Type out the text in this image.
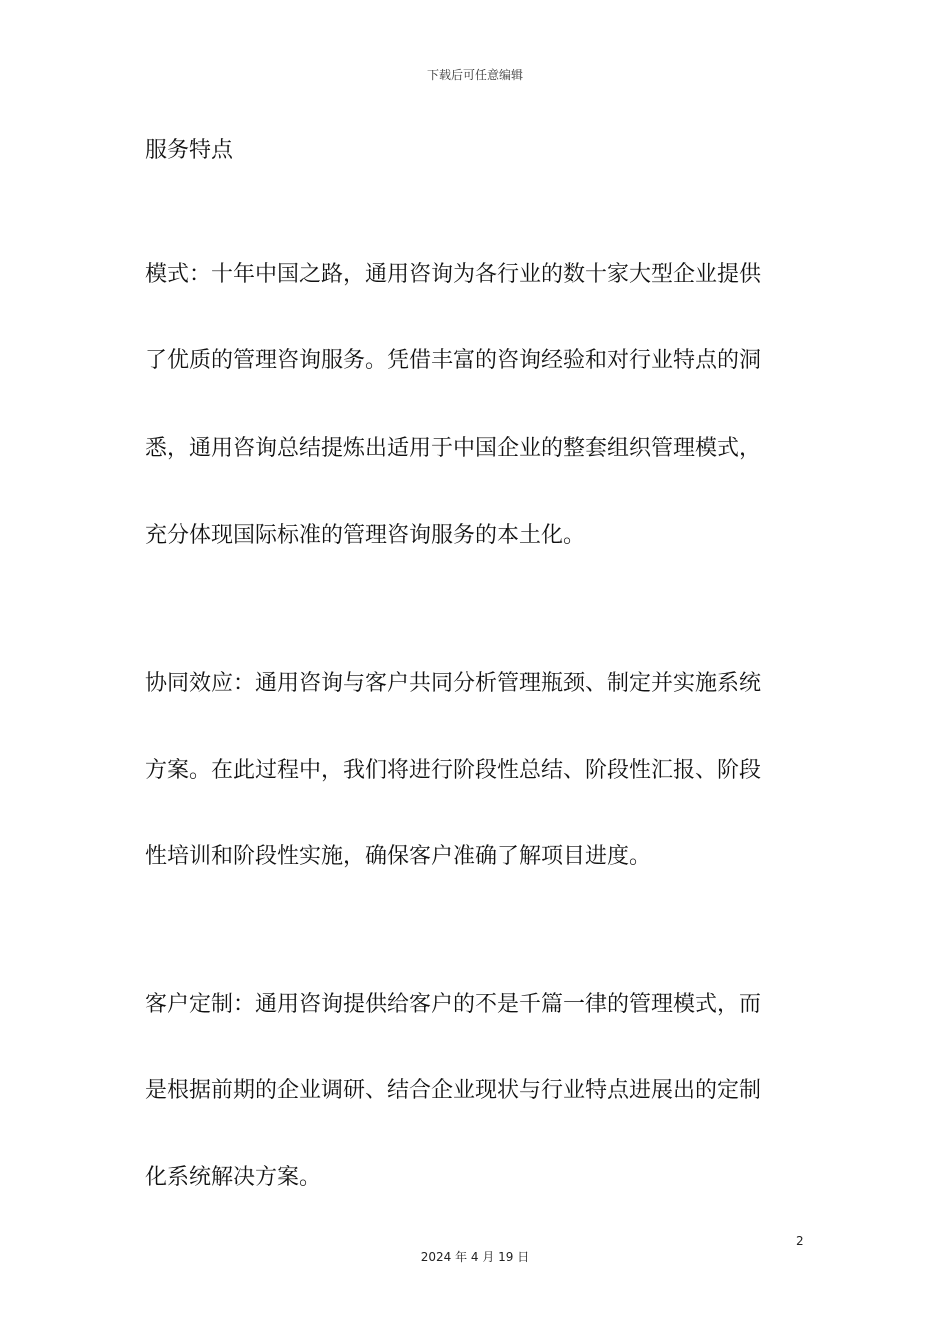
下载后可任意编辑
服务特点
模式：十年中国之路，通用咨询为各行业的数十家大型企业提供
了优质的管理咨询服务。凭借丰富的咨询经验和对行业特点的洞
悉，通用咨询总结提炼出适用于中国企业的整套组织管理模式，
充分体现国际标准的管理咨询服务的本土化。
协同效应：通用咨询与客户共同分析管理瓶颈、制定并实施系统
方案。在此过程中，我们将进行阶段性总结、阶段性汇报、阶段
性培训和阶段性实施，确保客户准确了解项目进度。
客户定制：通用咨询提供给客户的不是千篇一律的管理模式，而
是根据前期的企业调研、结合企业现状与行业特点进展出的定制
化系统解决方案。
2
2024 年 4 月 19 日
